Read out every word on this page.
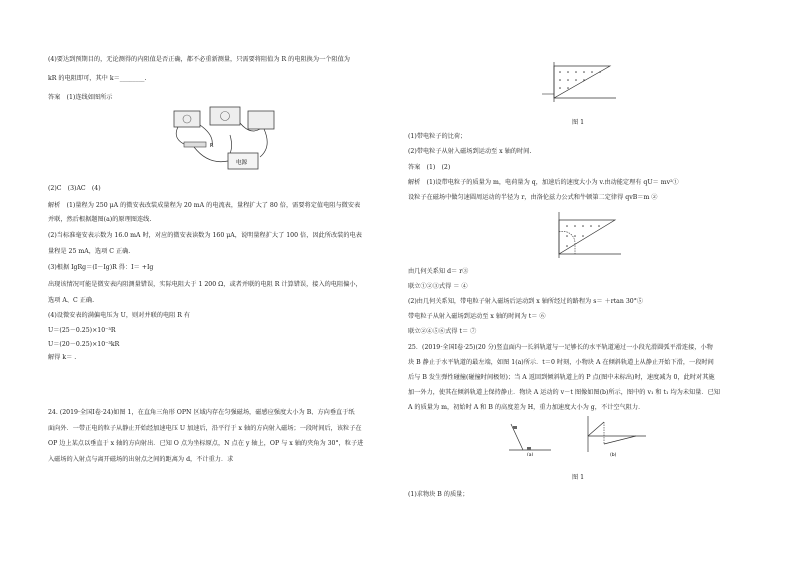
(4)要达到预期目的，无论测得的内阻值是否正确，都不必重新测量，只需要将阻值为 R 的电阻换为一个阻值为
kR 的电阻即可，其中 k＝________.
答案　(1)连线如图所示
R
电源
(2)C　(3)AC　(4)
解析　(1)量程为 250 μA 的微安表改装成量程为 20 mA 的电流表，量程扩大了 80 倍，需要将定值电阻与微安表
并联，然后根据题图(a)的原理图连线.
(2)当标准毫安表示数为 16.0 mA 时，对应的微安表读数为 160 μA，说明量程扩大了 100 倍，因此所改装的电表
量程是 25 mA，选项 C 正确.
(3)根据 IgRg＝(I－Ig)R 得：I＝ +Ig
出现该情况可能是微安表内阻测量错误，实际电阻大于 1 200 Ω，或者并联的电阻 R 计算错误，接入的电阻偏小，
选项 A、C 正确.
(4)设微安表的满偏电压为 U，则对并联的电阻 R 有
U＝(25－0.25)×10⁻³R
U＝(20－0.25)×10⁻³kR
解得 k＝ .
24. (2019·全国Ⅰ卷·24)如图 1，在直角三角形 OPN 区域内存在匀强磁场，磁感应强度大小为 B、方向垂直于纸
面向外．一带正电的粒子从静止开始经加速电压 U 加速后，沿平行于 x 轴的方向射入磁场；一段时间后，该粒子在
OP 边上某点以垂直于 x 轴的方向射出．已知 O 点为坐标原点，N 点在 y 轴上，OP 与 x 轴的夹角为 30°，粒子进
入磁场的入射点与离开磁场的出射点之间的距离为 d，不计重力．求
图 1
(1)带电粒子的比荷；
(2)带电粒子从射入磁场到运动至 x 轴的时间.
答案　(1)　(2)
解析　(1)设带电粒子的质量为 m，电荷量为 q，加速后的速度大小为 v.由动能定理有 qU＝ mv²①
设粒子在磁场中做匀速圆周运动的半径为 r，由洛伦兹力公式和牛顿第二定律得 qvB＝m ②
由几何关系知 d＝ r③
联立①②③式得 ＝ ④
(2)由几何关系知，带电粒子射入磁场后运动到 x 轴所经过的路程为 s＝ ＋rtan 30°⑤
带电粒子从射入磁场到运动至 x 轴的时间为 t＝ ⑥
联立②④⑤⑥式得 t＝ ⑦
25．(2019·全国Ⅰ卷·25)(20 分)竖直面内一长斜轨道与一足够长的水平轨道通过一小段光滑圆弧平滑连接，小物
块 B 静止于水平轨道的最左端，如图 1(a)所示．t＝0 时刻，小物块 A 在倾斜轨道上从静止开始下滑，一段时间
后与 B 发生弹性碰撞(碰撞时间极短)；当 A 返回到倾斜轨道上的 P 点(图中未标出)时，速度减为 0，此时对其施
加一外力，使其在倾斜轨道上保持静止．物块 A 运动的 v－t 图像如图(b)所示，图中的 v₁ 和 t₁ 均为未知量．已知
A 的质量为 m，初始时 A 和 B 的高度差为 H，重力加速度大小为 g，不计空气阻力．
(a)	(b)
图 1
(1)求物块 B 的质量；
